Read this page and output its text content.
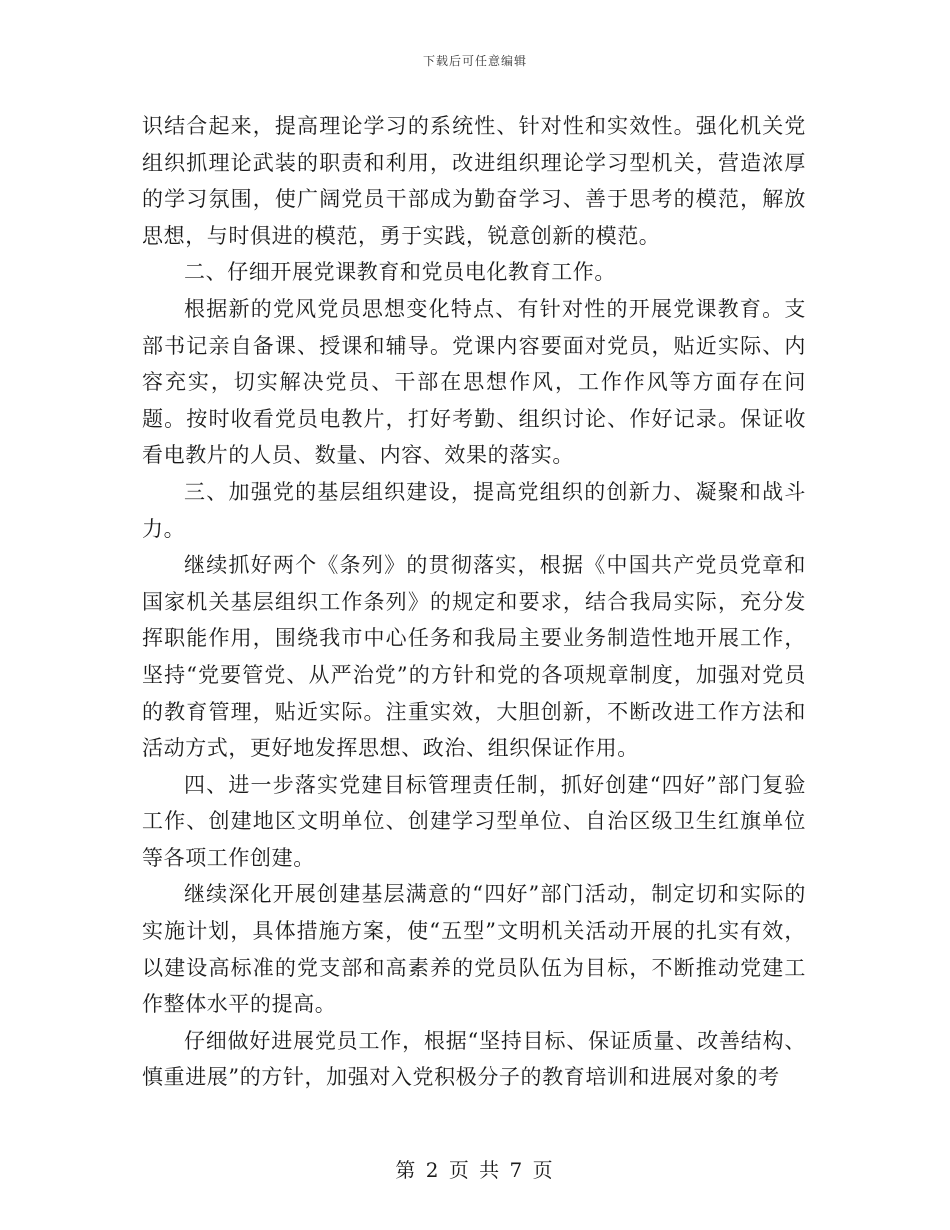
下载后可任意编辑

识结合起来，提高理论学习的系统性、针对性和实效性。强化机关党组织抓理论武装的职责和利用，改进组织理论学习型机关，营造浓厚的学习氛围，使广阔党员干部成为勤奋学习、善于思考的模范，解放思想，与时俱进的模范，勇于实践，锐意创新的模范。

二、仔细开展党课教育和党员电化教育工作。

根据新的党风党员思想变化特点、有针对性的开展党课教育。支部书记亲自备课、授课和辅导。党课内容要面对党员，贴近实际、内容充实，切实解决党员、干部在思想作风，工作作风等方面存在问题。按时收看党员电教片，打好考勤、组织讨论、作好记录。保证收看电教片的人员、数量、内容、效果的落实。

三、加强党的基层组织建设，提高党组织的创新力、凝聚和战斗力。

继续抓好两个《条列》的贯彻落实，根据《中国共产党员党章和国家机关基层组织工作条列》的规定和要求，结合我局实际，充分发挥职能作用，围绕我市中心任务和我局主要业务制造性地开展工作，坚持“党要管党、从严治党”的方针和党的各项规章制度，加强对党员的教育管理，贴近实际。注重实效，大胆创新，不断改进工作方法和活动方式，更好地发挥思想、政治、组织保证作用。

四、进一步落实党建目标管理责任制，抓好创建“四好”部门复验工作、创建地区文明单位、创建学习型单位、自治区级卫生红旗单位等各项工作创建。

继续深化开展创建基层满意的“四好”部门活动，制定切和实际的实施计划，具体措施方案，使“五型”文明机关活动开展的扎实有效，以建设高标准的党支部和高素养的党员队伍为目标，不断推动党建工作整体水平的提高。

仔细做好进展党员工作，根据“坚持目标、保证质量、改善结构、慎重进展”的方针，加强对入党积极分子的教育培训和进展对象的考

第 2 页 共 7 页
